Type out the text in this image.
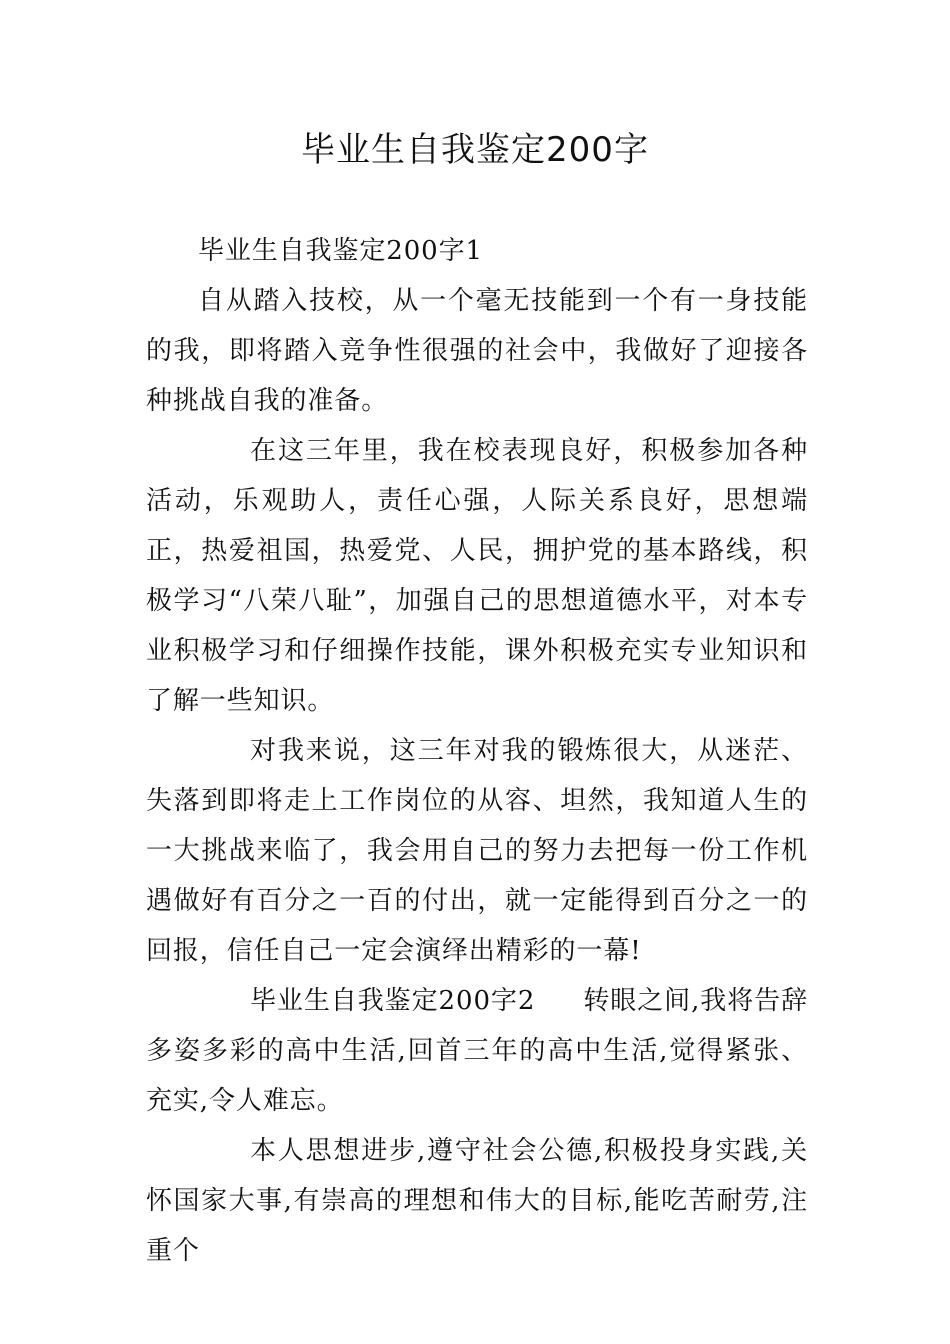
毕业生自我鉴定200字

毕业生自我鉴定200字1

自从踏入技校，从一个毫无技能到一个有一身技能的我，即将踏入竞争性很强的社会中，我做好了迎接各种挑战自我的准备。

在这三年里，我在校表现良好，积极参加各种活动，乐观助人，责任心强，人际关系良好，思想端正，热爱祖国，热爱党、人民，拥护党的基本路线，积极学习“八荣八耻”，加强自己的思想道德水平，对本专业积极学习和仔细操作技能，课外积极充实专业知识和了解一些知识。

对我来说，这三年对我的锻炼很大，从迷茫、失落到即将走上工作岗位的从容、坦然，我知道人生的一大挑战来临了，我会用自己的努力去把每一份工作机遇做好有百分之一百的付出，就一定能得到百分之一的回报，信任自己一定会演绎出精彩的一幕!

毕业生自我鉴定200字2 转眼之间,我将告辞多姿多彩的高中生活,回首三年的高中生活,觉得紧张、充实,令人难忘。

本人思想进步,遵守社会公德,积极投身实践,关怀国家大事,有崇高的理想和伟大的目标,能吃苦耐劳,注重个
